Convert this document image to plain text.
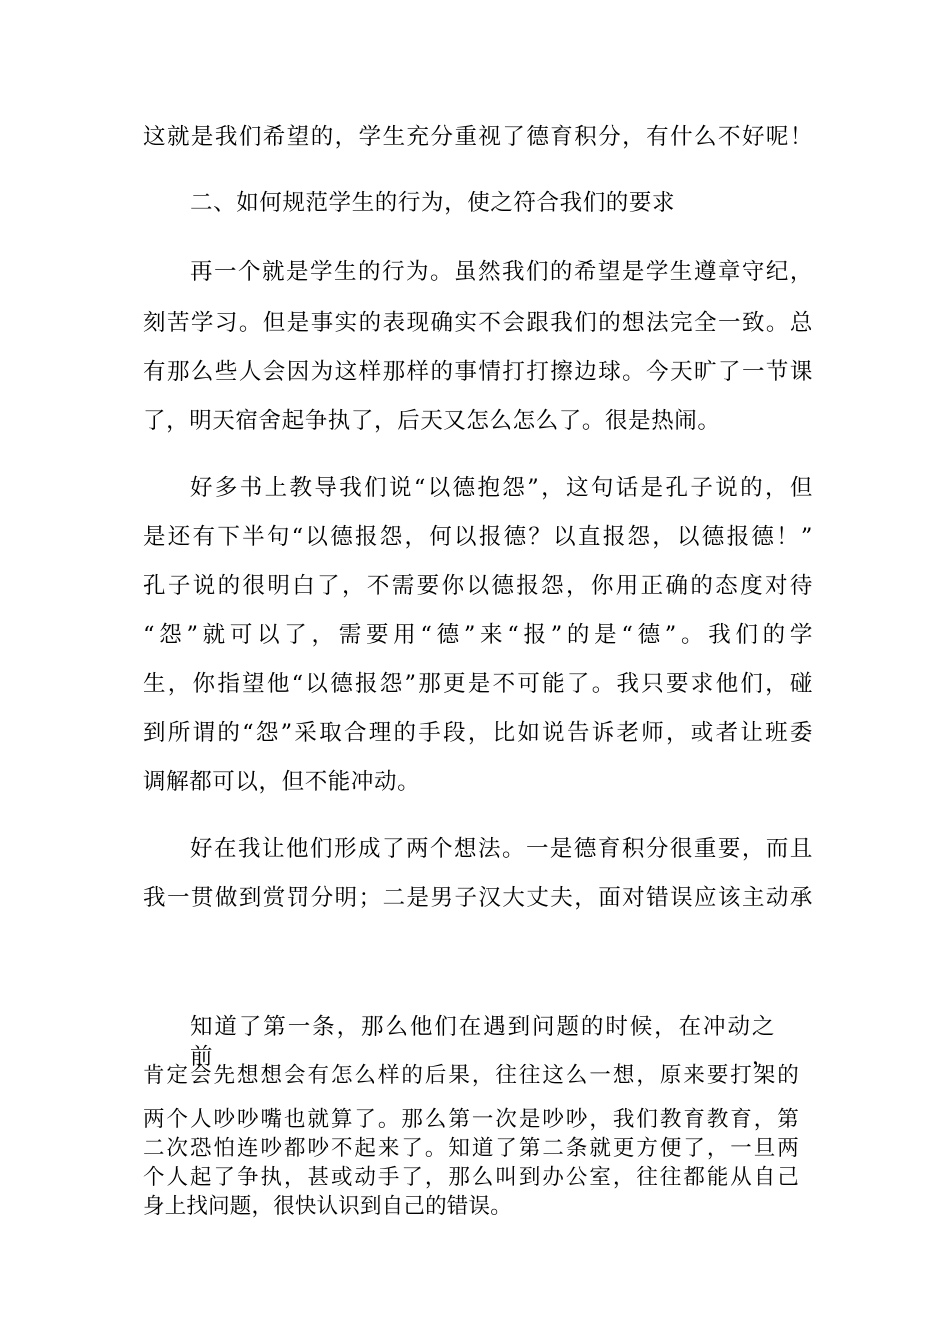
这就是我们希望的，学生充分重视了德育积分，有什么不好呢！
二、如何规范学生的行为，使之符合我们的要求
再一个就是学生的行为。虽然我们的希望是学生遵章守纪，
刻苦学习。但是事实的表现确实不会跟我们的想法完全一致。总
有那么些人会因为这样那样的事情打打擦边球。今天旷了一节课
了，明天宿舍起争执了，后天又怎么怎么了。很是热闹。
好多书上教导我们说“以德抱怨”，这句话是孔子说的，但
是还有下半句“以德报怨，何以报德？以直报怨，以德报德！”
孔子说的很明白了，不需要你以德报怨，你用正确的态度对待
“怨”就可以了，需要用“德”来“报”的是“德”。我们的学
生，你指望他“以德报怨”那更是不可能了。我只要求他们，碰
到所谓的“怨”采取合理的手段，比如说告诉老师，或者让班委
调解都可以，但不能冲动。
好在我让他们形成了两个想法。一是德育积分很重要，而且
我一贯做到赏罚分明；二是男子汉大丈夫，面对错误应该主动承
知道了第一条，那么他们在遇到问题的时候，在冲动之前，
肯定会先想想会有怎么样的后果，往往这么一想，原来要打架的
两个人吵吵嘴也就算了。那么第一次是吵吵，我们教育教育，第
二次恐怕连吵都吵不起来了。知道了第二条就更方便了，一旦两
个人起了争执，甚或动手了，那么叫到办公室，往往都能从自己
身上找问题，很快认识到自己的错误。
